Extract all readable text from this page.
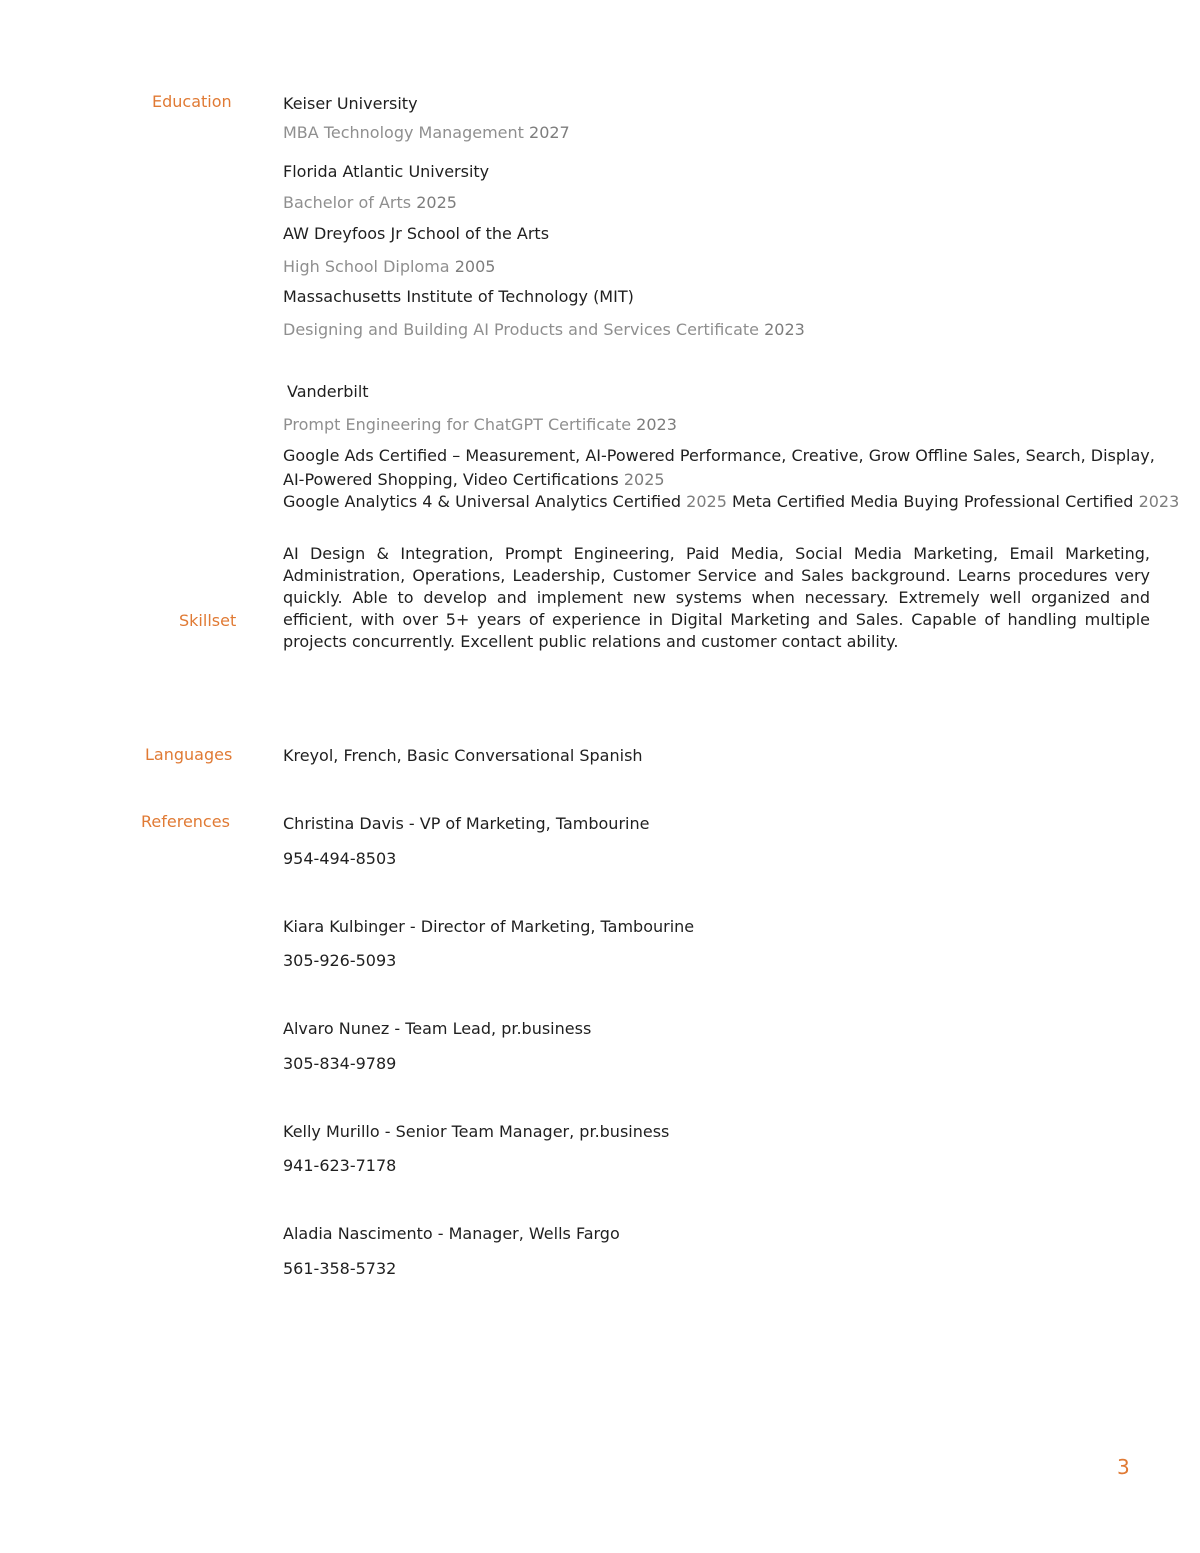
Education
Skillset
Languages
References
Keiser University
MBA Technology Management 2027
Florida Atlantic University
Bachelor of Arts 2025
AW Dreyfoos Jr School of the Arts
High School Diploma 2005
Massachusetts Institute of Technology (MIT)
Designing and Building AI Products and Services Certificate 2023
Vanderbilt
Prompt Engineering for ChatGPT Certificate 2023
Google Ads Certified – Measurement, AI-Powered Performance, Creative, Grow Offline Sales, Search, Display,
AI-Powered Shopping, Video Certifications 2025
Google Analytics 4 & Universal Analytics Certified 2025 Meta Certified Media Buying Professional Certified 2023
AI Design & Integration, Prompt Engineering, Paid Media, Social Media Marketing, Email Marketing, Administration, Operations, Leadership, Customer Service and Sales background. Learns procedures very quickly. Able to develop and implement new systems when necessary. Extremely well organized and efficient, with over 5+ years of experience in Digital Marketing and Sales. Capable of handling multiple projects concurrently. Excellent public relations and customer contact ability.
Kreyol, French, Basic Conversational Spanish
Christina Davis - VP of Marketing, Tambourine
954-494-8503
Kiara Kulbinger - Director of Marketing, Tambourine
305-926-5093
Alvaro Nunez - Team Lead, pr.business
305-834-9789
Kelly Murillo - Senior Team Manager, pr.business
941-623-7178
Aladia Nascimento - Manager, Wells Fargo
561-358-5732
3
